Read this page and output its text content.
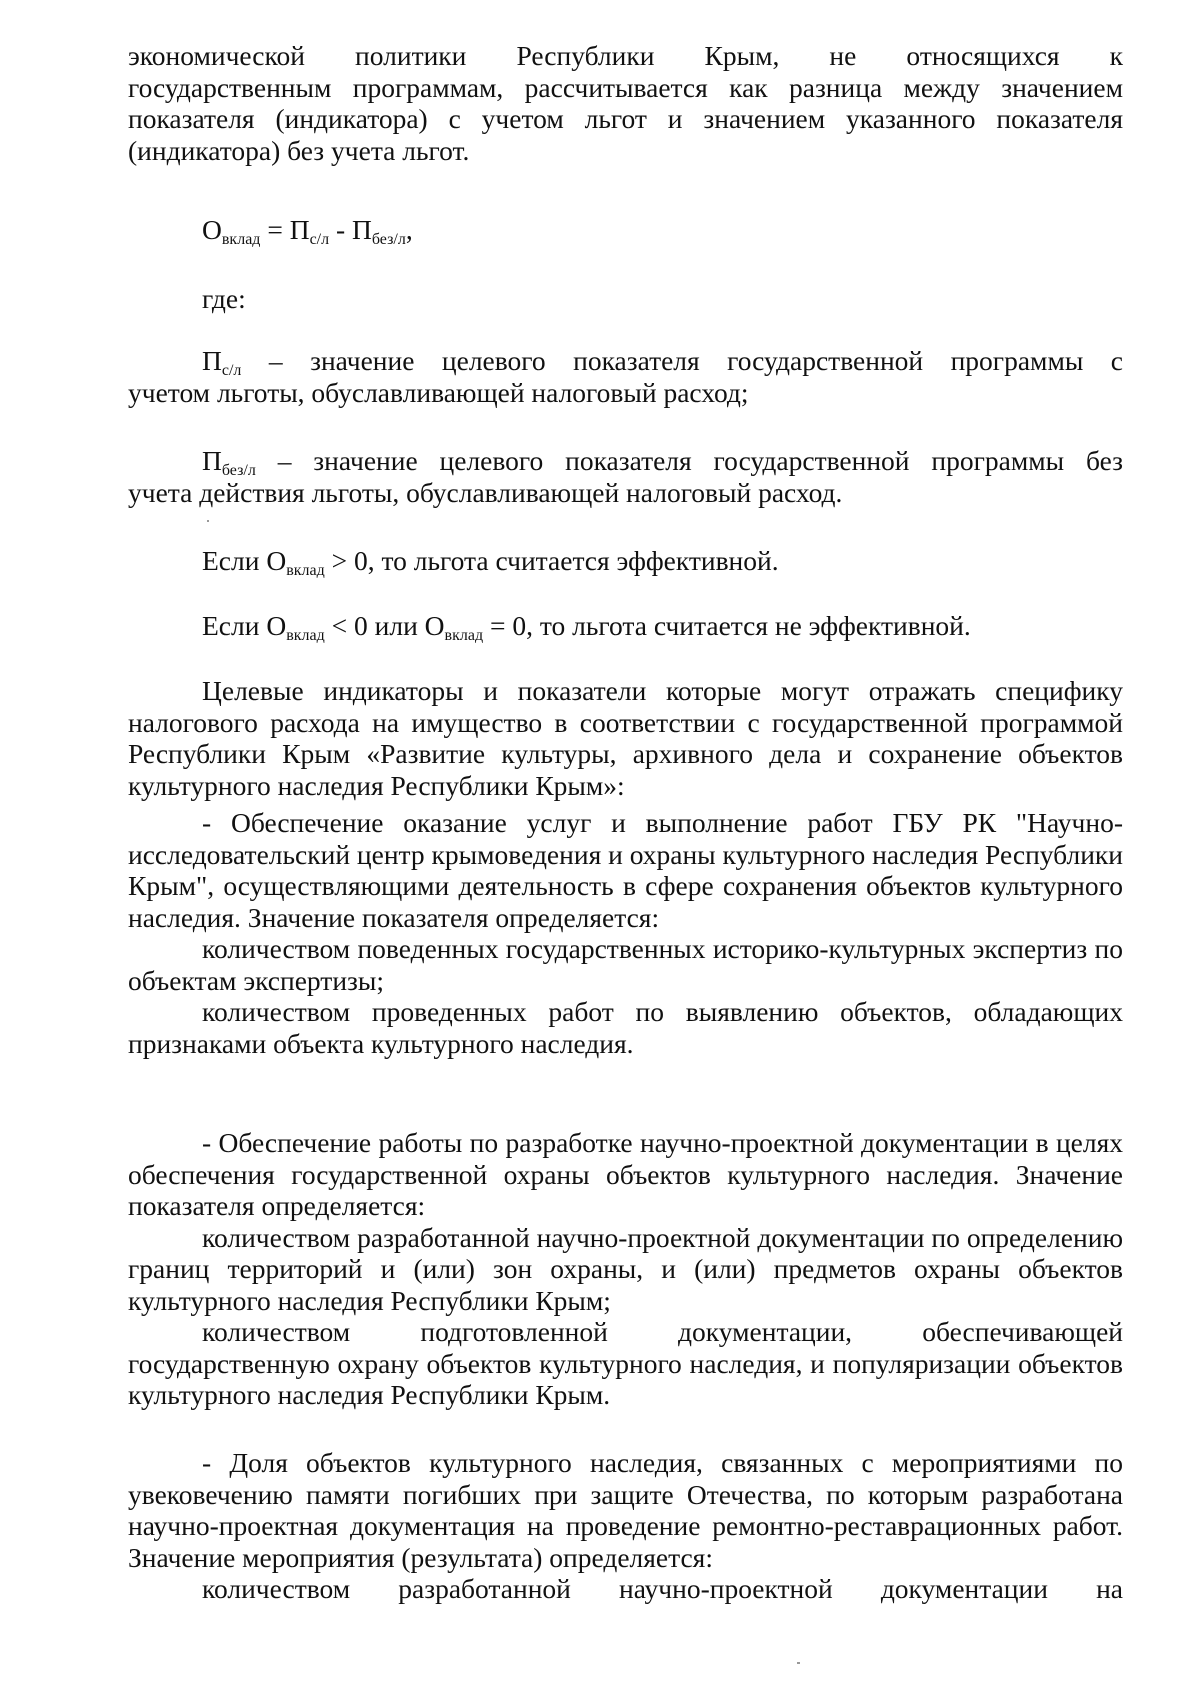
экономической политики Республики Крым, не относящихся к

государственным программам, рассчитывается как разница между значением показателя (индикатора) с учетом льгот и значением указанного показателя (индикатора) без учета льгот.

$О_{вклад} = П_{с/л} - П_{без/л}$,

где:

$П_{с/л}$ – значение целевого показателя государственной программы с

учетом льготы, обуславливающей налоговый расход;

$П_{без/л}$ – значение целевого показателя государственной программы без

учета действия льготы, обуславливающей налоговый расход.

Если $О_{вклад} > 0$, то льгота считается эффективной.

Если $О_{вклад} < 0$ или $О_{вклад} = 0$, то льгота считается не эффективной.

Целевые индикаторы и показатели которые могут отражать специфику налогового расхода на имущество в соответствии с государственной программой Республики Крым «Развитие культуры, архивного дела и сохранение объектов культурного наследия Республики Крым»:

- Обеспечение оказание услуг и выполнение работ ГБУ РК "Научно-исследовательский центр крымоведения и охраны культурного наследия Республики Крым", осуществляющими деятельность в сфере сохранения объектов культурного наследия. Значение показателя определяется:

количеством поведенных государственных историко-культурных экспертиз по объектам экспертизы;

количеством проведенных работ по выявлению объектов, обладающих признаками объекта культурного наследия.

- Обеспечение работы по разработке научно-проектной документации в целях обеспечения государственной охраны объектов культурного наследия. Значение показателя определяется:

количеством разработанной научно-проектной документации по определению границ территорий и (или) зон охраны, и (или) предметов охраны объектов культурного наследия Республики Крым;

количеством подготовленной документации, обеспечивающей государственную охрану объектов культурного наследия, и популяризации объектов культурного наследия Республики Крым.

- Доля объектов культурного наследия, связанных с мероприятиями по увековечению памяти погибших при защите Отечества, по которым разработана научно-проектная документация на проведение ремонтно-реставрационных работ. Значение мероприятия (результата) определяется:

количеством разработанной научно-проектной документации на
